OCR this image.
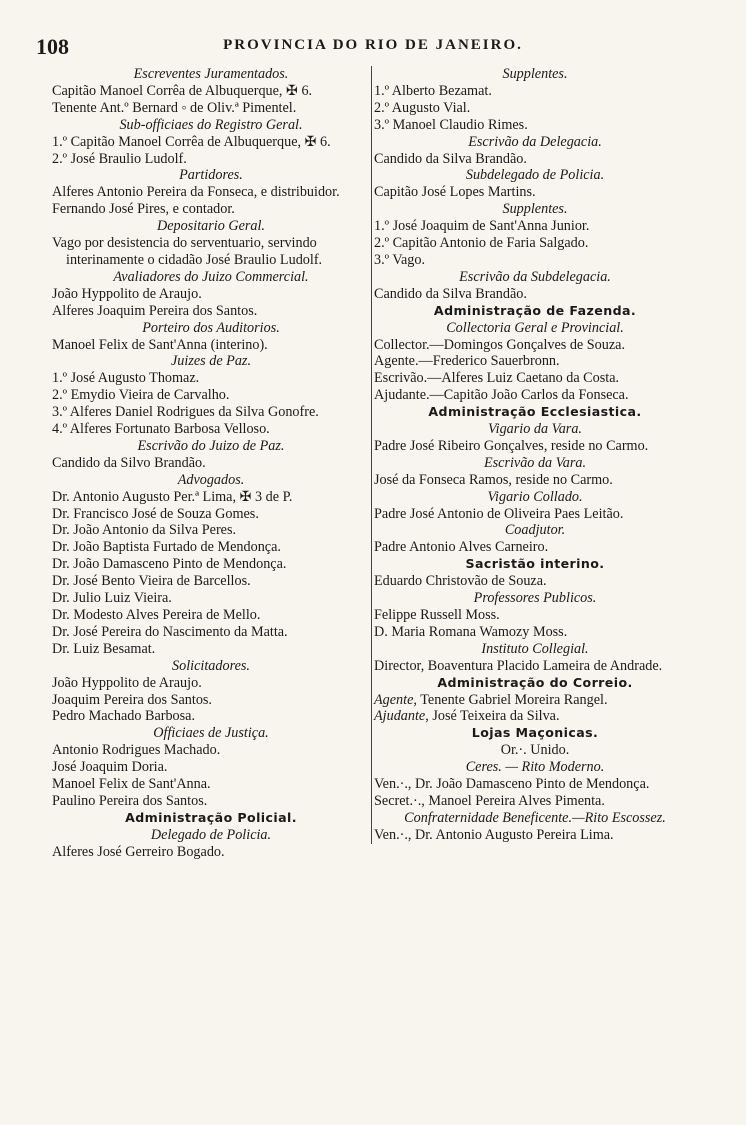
108	PROVINCIA DO RIO DE JANEIRO.
Escreventes Juramentados.
Capitão Manoel Corrêa de Albuquerque, ✠ 6.
Tenente Ant.º Bernard ◦ de Oliv.ª Pimentel.
Sub-officiaes do Registro Geral.
1.º Capitão Manoel Corrêa de Albuquerque, ✠ 6.
2.º José Braulio Ludolf.
Partidores.
Alferes Antonio Pereira da Fonseca, e distribuidor.
Fernando José Pires, e contador.
Depositario Geral.
Vago por desistencia do serventuario, servindo interinamente o cidadão José Braulio Ludolf.
Avaliadores do Juizo Commercial.
João Hyppolito de Araujo.
Alferes Joaquim Pereira dos Santos.
Porteiro dos Auditorios.
Manoel Felix de Sant'Anna (interino).
Juizes de Paz.
1.º José Augusto Thomaz.
2.º Emydio Vieira de Carvalho.
3.º Alferes Daniel Rodrigues da Silva Gonofre.
4.º Alferes Fortunato Barbosa Velloso.
Escrivão do Juizo de Paz.
Candido da Silvo Brandão.
Advogados.
Dr. Antonio Augusto Per.ª Lima, ✠ 3 de P.
Dr. Francisco José de Souza Gomes.
Dr. João Antonio da Silva Peres.
Dr. João Baptista Furtado de Mendonça.
Dr. João Damasceno Pinto de Mendonça.
Dr. José Bento Vieira de Barcellos.
Dr. Julio Luiz Vieira.
Dr. Modesto Alves Pereira de Mello.
Dr. José Pereira do Nascimento da Matta.
Dr. Luiz Besamat.
Solicitadores.
João Hyppolito de Araujo.
Joaquim Pereira dos Santos.
Pedro Machado Barbosa.
Officiaes de Justiça.
Antonio Rodrigues Machado.
José Joaquim Doria.
Manoel Felix de Sant'Anna.
Paulino Pereira dos Santos.
Administração Policial.
Delegado de Policia.
Alferes José Gerreiro Bogado.
Supplentes.
1.º Alberto Bezamat.
2.º Augusto Vial.
3.º Manoel Claudio Rimes.
Escrivão da Delegacia.
Candido da Silva Brandão.
Subdelegado de Policia.
Capitão José Lopes Martins.
Supplentes.
1.º José Joaquim de Sant'Anna Junior.
2.º Capitão Antonio de Faria Salgado.
3.º Vago.
Escrivão da Subdelegacia.
Candido da Silva Brandão.
Administração de Fazenda.
Collectoria Geral e Provincial.
Collector.—Domingos Gonçalves de Souza.
Agente.—Frederico Sauerbronn.
Escrivão.—Alferes Luiz Caetano da Costa.
Ajudante.—Capitão João Carlos da Fonseca.
Administração Ecclesiastica.
Vigario da Vara.
Padre José Ribeiro Gonçalves, reside no Carmo.
Escrivão da Vara.
José da Fonseca Ramos, reside no Carmo.
Vigario Collado.
Padre José Antonio de Oliveira Paes Leitão.
Coadjutor.
Padre Antonio Alves Carneiro.
Sacristão interino.
Eduardo Christovão de Souza.
Professores Publicos.
Felippe Russell Moss.
D. Maria Romana Wamozy Moss.
Instituto Collegial.
Director, Boaventura Placido Lameira de Andrade.
Administração do Correio.
Agente, Tenente Gabriel Moreira Rangel.
Ajudante, José Teixeira da Silva.
Lojas Maçonicas.
Or.·. Unido.
Ceres. — Rito Moderno.
Ven.·., Dr. João Damasceno Pinto de Mendonça.
Secret.·., Manoel Pereira Alves Pimenta.
Confraternidade Beneficente.—Rito Escossez.
Ven.·., Dr. Antonio Augusto Pereira Lima.
